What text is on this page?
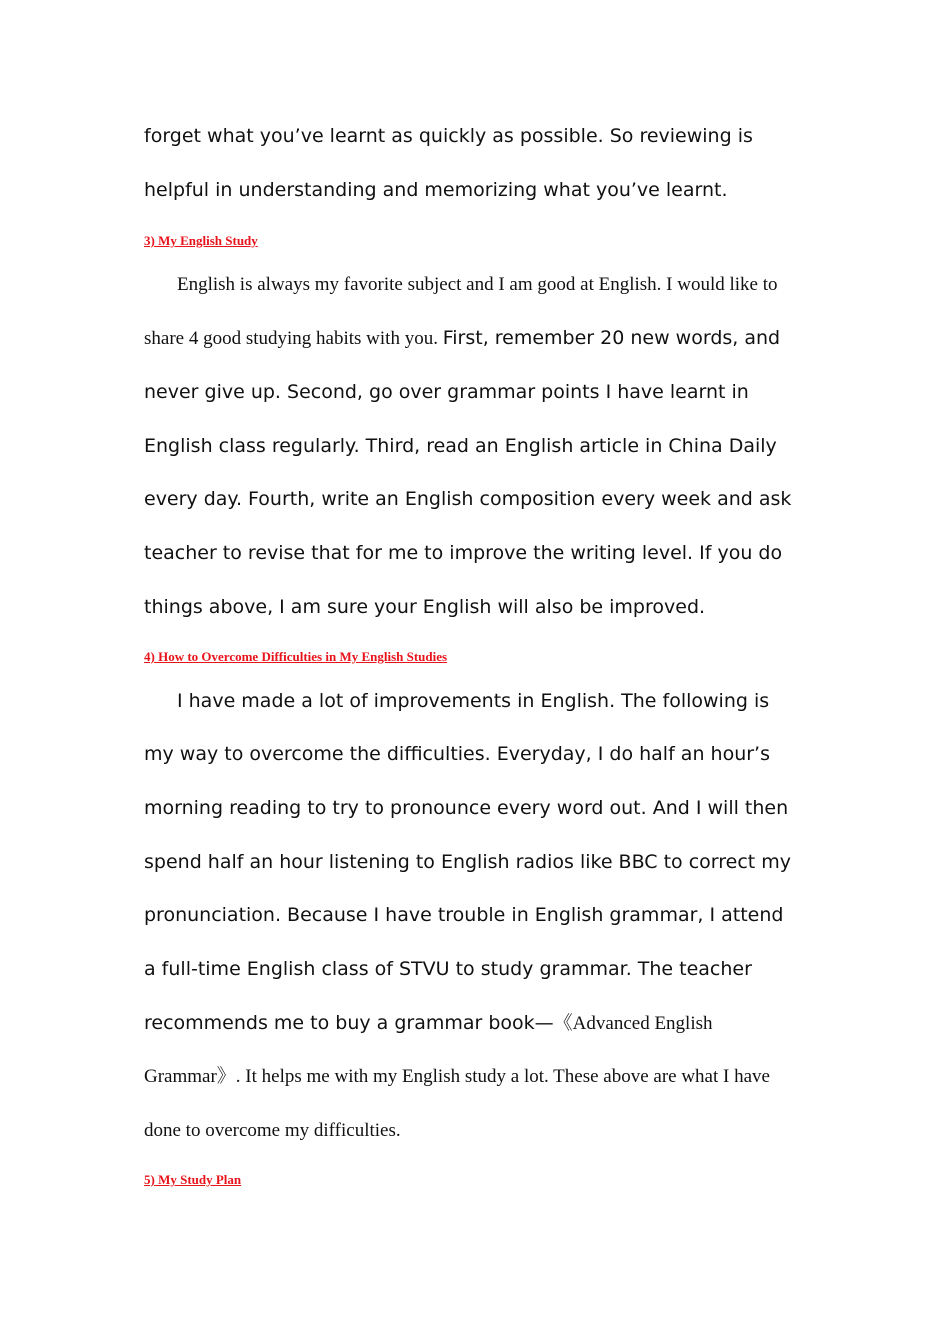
forget what you’ve learnt as quickly as possible. So reviewing is
helpful in understanding and memorizing what you’ve learnt.
3) My English Study
English is always my favorite subject and I am good at English. I would like to
share 4 good studying habits with you. First, remember 20 new words, and
never give up. Second, go over grammar points I have learnt in
English class regularly. Third, read an English article in China Daily
every day. Fourth, write an English composition every week and ask
teacher to revise that for me to improve the writing level. If you do
things above, I am sure your English will also be improved.
4) How to Overcome Difficulties in My English Studies
I have made a lot of improvements in English. The following is
my way to overcome the difficulties. Everyday, I do half an hour’s
morning reading to try to pronounce every word out. And I will then
spend half an hour listening to English radios like BBC to correct my
pronunciation. Because I have trouble in English grammar, I attend
a full-time English class of STVU to study grammar. The teacher
recommends me to buy a grammar book—《Advanced English
Grammar》. It helps me with my English study a lot. These above are what I have
done to overcome my difficulties.
5) My Study Plan
